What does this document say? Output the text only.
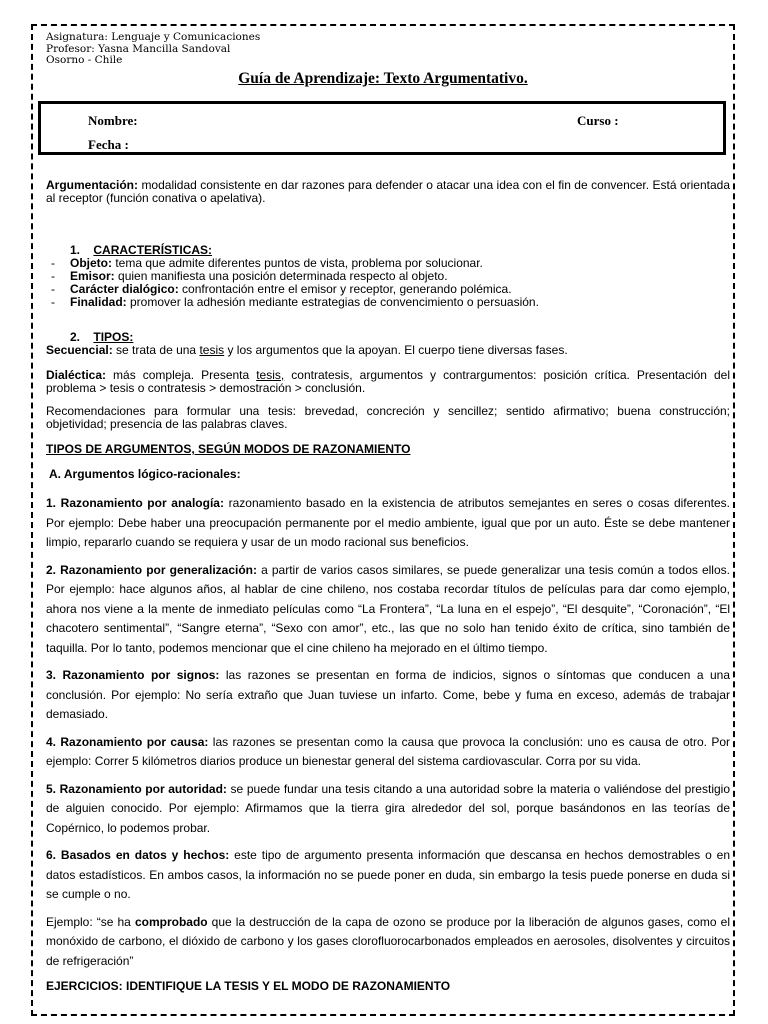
Asignatura: Lenguaje y Comunicaciones
Profesor: Yasna Mancilla Sandoval
Osorno - Chile
Guía de Aprendizaje: Texto Argumentativo.
Nombre:	Curso :
Fecha :

Argumentación: modalidad consistente en dar razones para defender o atacar una idea con el fin de convencer. Está orientada al receptor (función conativa o apelativa).

1. CARACTERÍSTICAS:
- Objeto: tema que admite diferentes puntos de vista, problema por solucionar.
- Emisor: quien manifiesta una posición determinada respecto al objeto.
- Carácter dialógico: confrontación entre el emisor y receptor, generando polémica.
- Finalidad: promover la adhesión mediante estrategias de convencimiento o persuasión.
2. TIPOS:

Secuencial: se trata de una tesis y los argumentos que la apoyan. El cuerpo tiene diversas fases.

Dialéctica: más compleja. Presenta tesis, contratesis, argumentos y contrargumentos: posición crítica. Presentación del problema > tesis o contratesis > demostración > conclusión.

Recomendaciones para formular una tesis: brevedad, concreción y sencillez; sentido afirmativo; buena construcción; objetividad; presencia de las palabras claves.

TIPOS DE ARGUMENTOS, SEGÚN MODOS DE RAZONAMIENTO

A. Argumentos lógico-racionales:

1. Razonamiento por analogía: razonamiento basado en la existencia de atributos semejantes en seres o cosas diferentes. Por ejemplo: Debe haber una preocupación permanente por el medio ambiente, igual que por un auto. Éste se debe mantener limpio, repararlo cuando se requiera y usar de un modo racional sus beneficios.

2. Razonamiento por generalización: a partir de varios casos similares, se puede generalizar una tesis común a todos ellos. Por ejemplo: hace algunos años, al hablar de cine chileno, nos costaba recordar títulos de películas para dar como ejemplo, ahora nos viene a la mente de inmediato películas como “La Frontera”, “La luna en el espejo”, “El desquite”, “Coronación”, “El chacotero sentimental”, “Sangre eterna”, “Sexo con amor”, etc., las que no solo han tenido éxito de crítica, sino también de taquilla. Por lo tanto, podemos mencionar que el cine chileno ha mejorado en el último tiempo.

3. Razonamiento por signos: las razones se presentan en forma de indicios, signos o síntomas que conducen a una conclusión. Por ejemplo: No sería extraño que Juan tuviese un infarto. Come, bebe y fuma en exceso, además de trabajar demasiado.

4. Razonamiento por causa: las razones se presentan como la causa que provoca la conclusión: uno es causa de otro. Por ejemplo: Correr 5 kilómetros diarios produce un bienestar general del sistema cardiovascular. Corra por su vida.

5. Razonamiento por autoridad: se puede fundar una tesis citando a una autoridad sobre la materia o valiéndose del prestigio de alguien conocido. Por ejemplo: Afirmamos que la tierra gira alrededor del sol, porque basándonos en las teorías de Copérnico, lo podemos probar.

6. Basados en datos y hechos: este tipo de argumento presenta información que descansa en hechos demostrables o en datos estadísticos. En ambos casos, la información no se puede poner en duda, sin embargo la tesis puede ponerse en duda si se cumple o no.

Ejemplo: “se ha comprobado que la destrucción de la capa de ozono se produce por la liberación de algunos gases, como el monóxido de carbono, el dióxido de carbono y los gases clorofluorocarbonados empleados en aerosoles, disolventes y circuitos de refrigeración”

EJERCICIOS: IDENTIFIQUE LA TESIS Y EL MODO DE RAZONAMIENTO
